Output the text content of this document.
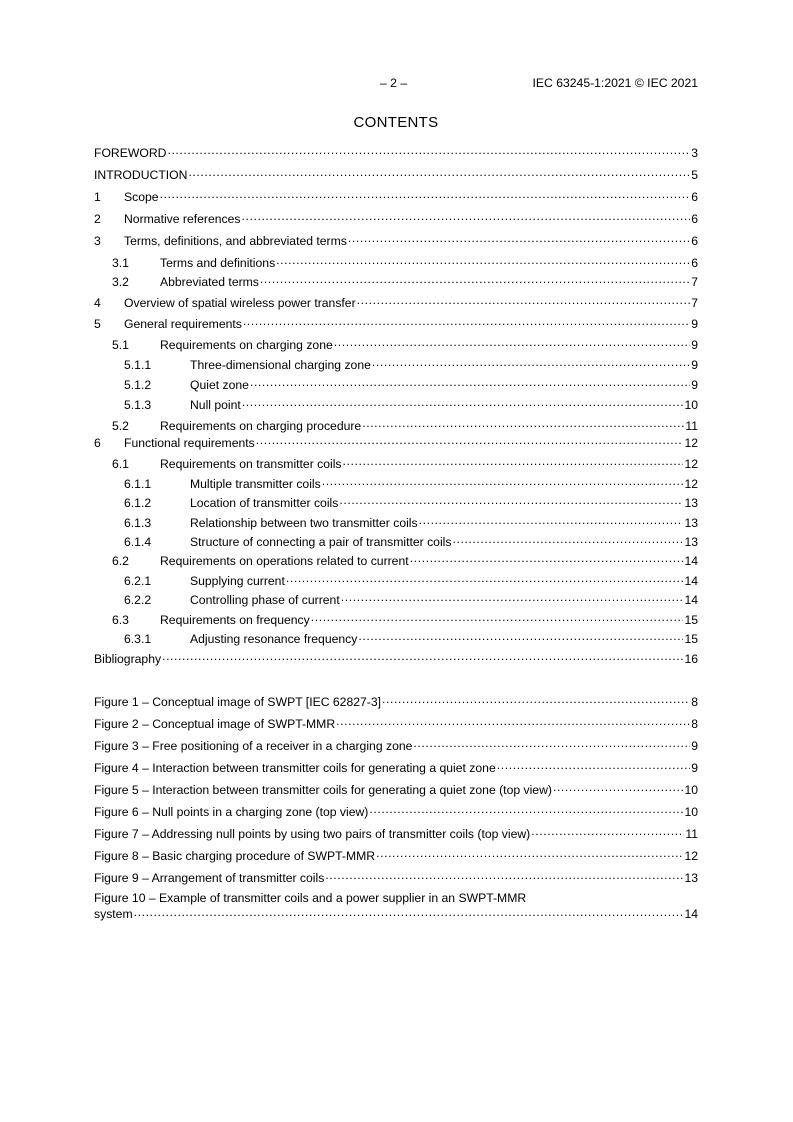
– 2 –	IEC 63245-1:2021 © IEC 2021
CONTENTS
FOREWORD .....	3
INTRODUCTION .....	5
1	Scope .....	6
2	Normative references .....	6
3	Terms, definitions, and abbreviated terms .....	6
3.1	Terms and definitions .....	6
3.2	Abbreviated terms .....	7
4	Overview of spatial wireless power transfer .....	7
5	General requirements .....	9
5.1	Requirements on charging zone .....	9
5.1.1	Three-dimensional charging zone .....	9
5.1.2	Quiet zone .....	9
5.1.3	Null point .....	10
5.2	Requirements on charging procedure .....	11
6	Functional requirements .....	12
6.1	Requirements on transmitter coils .....	12
6.1.1	Multiple transmitter coils .....	12
6.1.2	Location of transmitter coils .....	13
6.1.3	Relationship between two transmitter coils .....	13
6.1.4	Structure of connecting a pair of transmitter coils .....	13
6.2	Requirements on operations related to current .....	14
6.2.1	Supplying current .....	14
6.2.2	Controlling phase of current .....	14
6.3	Requirements on frequency .....	15
6.3.1	Adjusting resonance frequency .....	15
Bibliography .....	16
Figure 1 – Conceptual image of SWPT [IEC 62827-3] .....	8
Figure 2 – Conceptual image of SWPT-MMR .....	8
Figure 3 – Free positioning of a receiver in a charging zone .....	9
Figure 4 – Interaction between transmitter coils for generating a quiet zone .....	9
Figure 5 – Interaction between transmitter coils for generating a quiet zone (top view) .....	10
Figure 6 – Null points in a charging zone (top view) .....	10
Figure 7 – Addressing null points by using two pairs of transmitter coils (top view) .....	11
Figure 8 – Basic charging procedure of SWPT-MMR .....	12
Figure 9 – Arrangement of transmitter coils .....	13
Figure 10 – Example of transmitter coils and a power supplier in an SWPT-MMR
system .....	14
